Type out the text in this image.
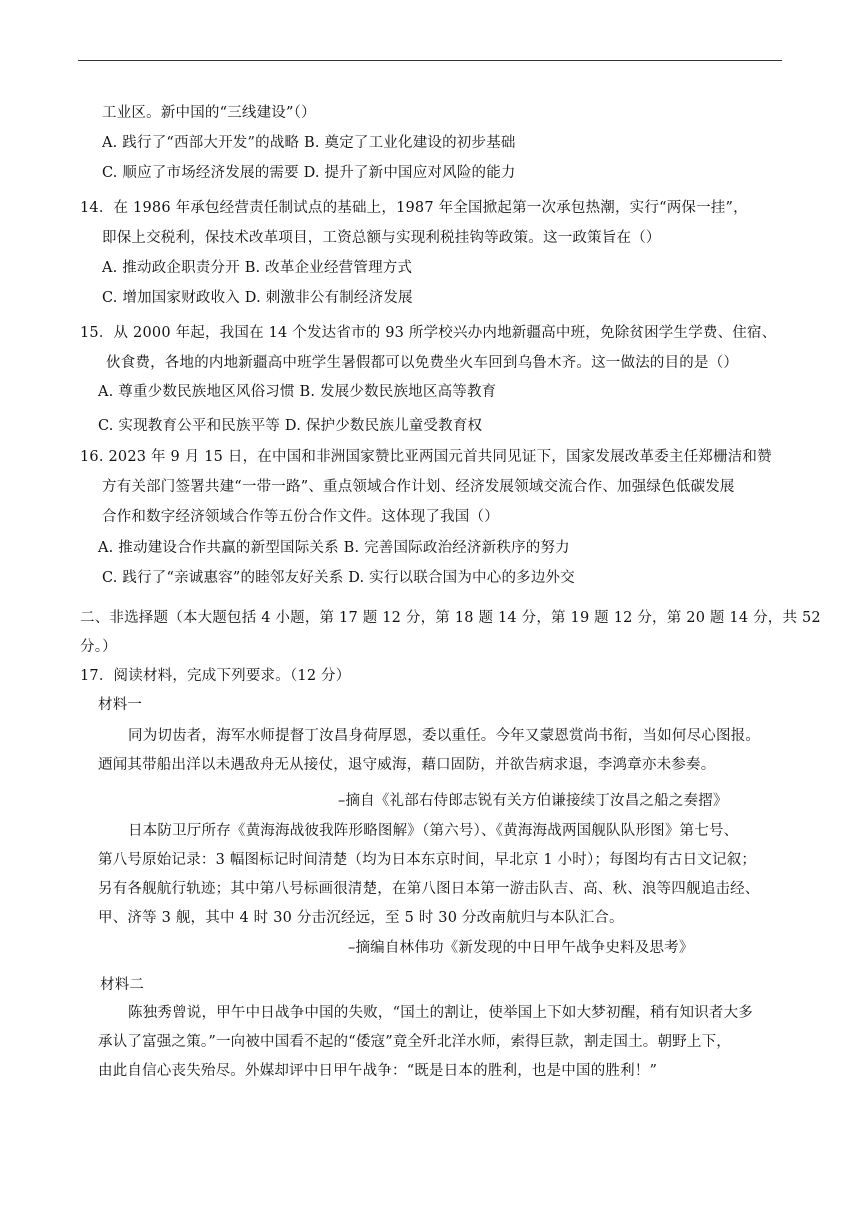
工业区。新中国的“三线建设”（）
A. 践行了“西部大开发”的战略 B. 奠定了工业化建设的初步基础
C. 顺应了市场经济发展的需要 D. 提升了新中国应对风险的能力
14．在 1986 年承包经营责任制试点的基础上，1987 年全国掀起第一次承包热潮，实行“两保一挂”，
即保上交税利，保技术改革项目，工资总额与实现利税挂钩等政策。这一政策旨在（）
A. 推动政企职责分开 B. 改革企业经营管理方式
C. 增加国家财政收入 D. 刺激非公有制经济发展
15．从 2000 年起，我国在 14 个发达省市的 93 所学校兴办内地新疆高中班，免除贫困学生学费、住宿、
伙食费，各地的内地新疆高中班学生暑假都可以免费坐火车回到乌鲁木齐。这一做法的目的是（）
A. 尊重少数民族地区风俗习惯 B. 发展少数民族地区高等教育
C. 实现教育公平和民族平等 D. 保护少数民族儿童受教育权
16. 2023 年 9 月 15 日，在中国和非洲国家赞比亚两国元首共同见证下，国家发展改革委主任郑栅洁和赞
方有关部门签署共建“一带一路”、重点领域合作计划、经济发展领域交流合作、加强绿色低碳发展
合作和数字经济领域合作等五份合作文件。这体现了我国（）
A. 推动建设合作共赢的新型国际关系 B. 完善国际政治经济新秩序的努力
C. 践行了“亲诚惠容”的睦邻友好关系 D. 实行以联合国为中心的多边外交
二、非选择题（本大题包括 4 小题，第 17 题 12 分，第 18 题 14 分，第 19 题 12 分，第 20 题 14 分，共 52
分。）
17．阅读材料，完成下列要求。（12 分）
材料一
同为切齿者，海军水师提督丁汝昌身荷厚恩，委以重任。今年又蒙恩赏尚书衔，当如何尽心图报。
迺闻其带船出洋以未遇敌舟无从接仗，退守威海，藉口固防，并欲告病求退，李鸿章亦未参奏。
–摘自《礼部右侍郎志锐有关方伯谦接续丁汝昌之船之奏摺》
日本防卫厅所存《黄海海战彼我阵形略图解》（第六号）、《黄海海战两国舰队队形图》第七号、
第八号原始记录：3 幅图标记时间清楚（均为日本东京时间，早北京 1 小时）；每图均有古日文记叙；
另有各舰航行轨迹；其中第八号标画很清楚，在第八图日本第一游击队吉、高、秋、浪等四舰追击经、
甲、济等 3 舰，其中 4 时 30 分击沉经远，至 5 时 30 分改南航归与本队汇合。
–摘编自林伟功《新发现的中日甲午战争史料及思考》
材料二
陈独秀曾说，甲午中日战争中国的失败，“国土的割让，使举国上下如大梦初醒，稍有知识者大多
承认了富强之策。”一向被中国看不起的“倭寇”竟全歼北洋水师，索得巨款，割走国土。朝野上下，
由此自信心丧失殆尽。外媒却评中日甲午战争：“既是日本的胜利，也是中国的胜利！”
